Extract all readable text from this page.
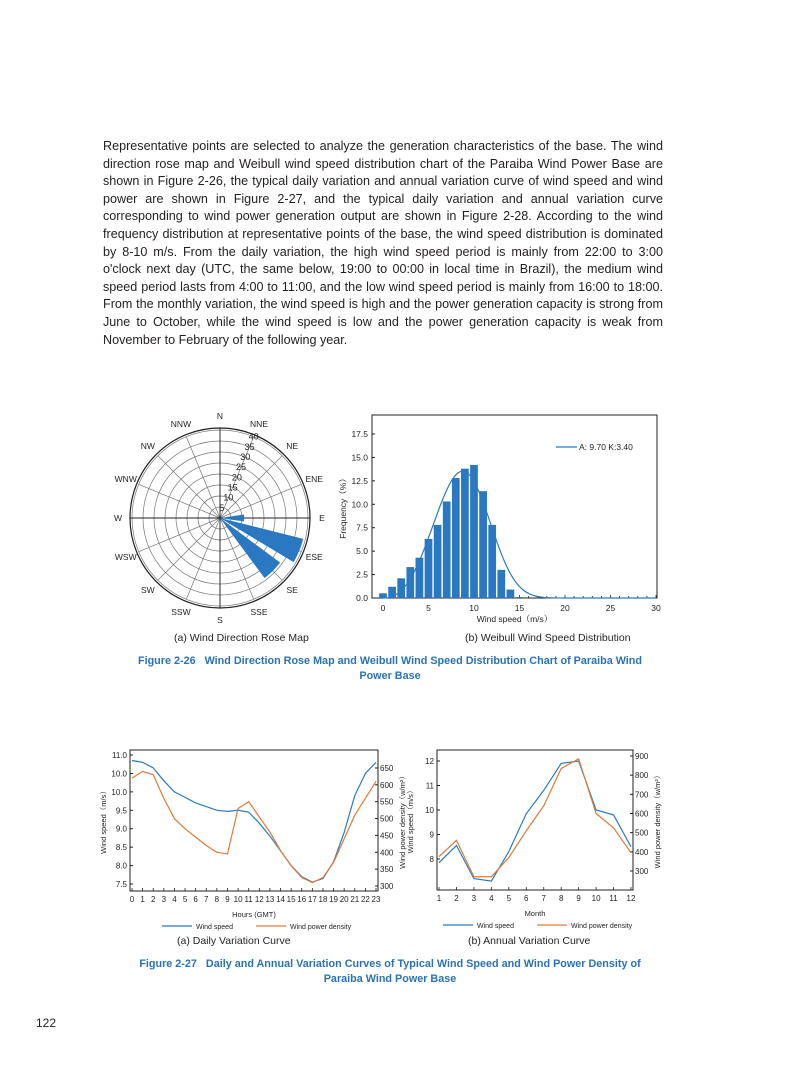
Representative points are selected to analyze the generation characteristics of the base. The wind direction rose map and Weibull wind speed distribution chart of the Paraiba Wind Power Base are shown in Figure 2-26, the typical daily variation and annual variation curve of wind speed and wind power are shown in Figure 2-27, and the typical daily variation and annual variation curve corresponding to wind power generation output are shown in Figure 2-28. According to the wind frequency distribution at representative points of the base, the wind speed distribution is dominated by 8-10 m/s. From the daily variation, the high wind speed period is mainly from 22:00 to 3:00 o'clock next day (UTC, the same below, 19:00 to 00:00 in local time in Brazil), the medium wind speed period lasts from 4:00 to 11:00, and the low wind speed period is mainly from 16:00 to 18:00. From the monthly variation, the wind speed is high and the power generation capacity is strong from June to October, while the wind speed is low and the power generation capacity is weak from November to February of the following year.
5
10
15
20
25
30
35
40
N
NNE
NE
ENE
E
ESE
SE
SSE
S
SSW
SW
WSW
W
WNW
NW
NNW
0.0
2.5
5.0
7.5
10.0
12.5
15.0
17.5
0	5	10	15	20	25	30
A: 9.70 K:3.40
Wind speed（m/s）
Frequency（%）
11.0
10.0
10.0
9.5
9.0
8.5
8.0
7.5
650
600
550
500
450
400
350
300
0 1 2 3 4 5 6 7 8 9 10 11 12 13 14 15 16 17 18 19 20 21 22 23
Hours (GMT)
Wind speed（m/s）	Wind power density（w/m²）
Wind speed	Wind power density
8
9
10
11
12
300
400
500
600
700
800
900
1 2 3 4 5 6 7 8 9 10 11 12
Month
Wind speed（m/s）	Wind power density（w/m²）
Wind speed	Wind power density
(a) Wind Direction Rose Map	(b) Weibull Wind Speed Distribution
Figure 2-26   Wind Direction Rose Map and Weibull Wind Speed Distribution Chart of Paraiba Wind
Power Base
(a) Daily Variation Curve	(b) Annual Variation Curve
Figure 2-27   Daily and Annual Variation Curves of Typical Wind Speed and Wind Power Density of
Paraiba Wind Power Base
122
